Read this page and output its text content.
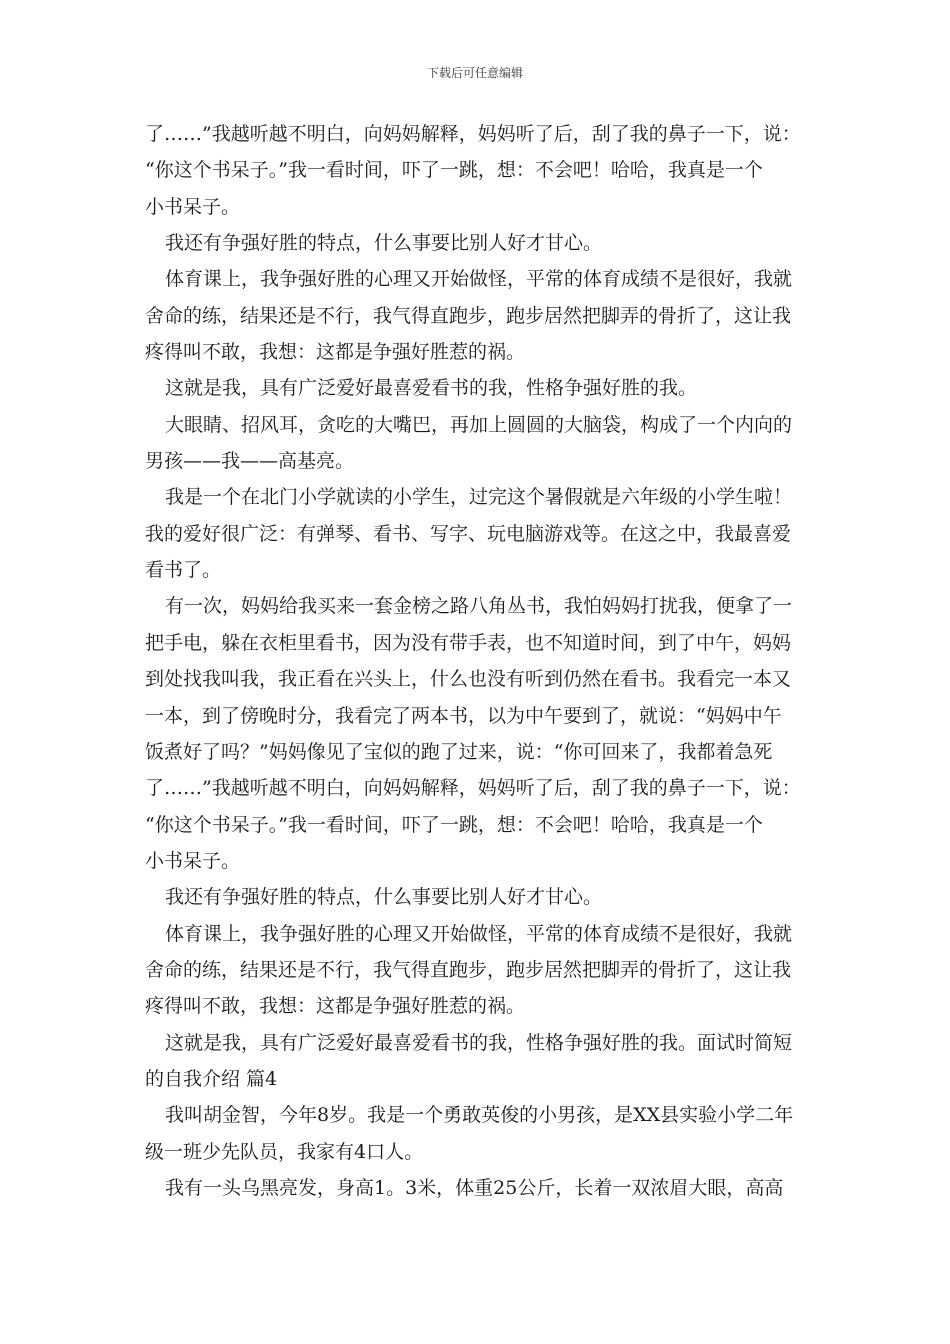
下载后可任意编辑
了……”我越听越不明白，向妈妈解释，妈妈听了后，刮了我的鼻子一下，说：
“你这个书呆子。”我一看时间，吓了一跳，想：不会吧！哈哈，我真是一个
小书呆子。
我还有争强好胜的特点，什么事要比别人好才甘心。
体育课上，我争强好胜的心理又开始做怪，平常的体育成绩不是很好，我就
舍命的练，结果还是不行，我气得直跑步，跑步居然把脚弄的骨折了，这让我
疼得叫不敢，我想：这都是争强好胜惹的祸。
这就是我，具有广泛爱好最喜爱看书的我，性格争强好胜的我。
大眼睛、招风耳，贪吃的大嘴巴，再加上圆圆的大脑袋，构成了一个内向的
男孩——我——高基亮。
我是一个在北门小学就读的小学生，过完这个暑假就是六年级的小学生啦！
我的爱好很广泛：有弹琴、看书、写字、玩电脑游戏等。在这之中，我最喜爱
看书了。
有一次，妈妈给我买来一套金榜之路八角丛书，我怕妈妈打扰我，便拿了一
把手电，躲在衣柜里看书，因为没有带手表，也不知道时间，到了中午，妈妈
到处找我叫我，我正看在兴头上，什么也没有听到仍然在看书。我看完一本又
一本，到了傍晚时分，我看完了两本书，以为中午要到了，就说：“妈妈中午
饭煮好了吗？”妈妈像见了宝似的跑了过来，说：“你可回来了，我都着急死
了……”我越听越不明白，向妈妈解释，妈妈听了后，刮了我的鼻子一下，说：
“你这个书呆子。”我一看时间，吓了一跳，想：不会吧！哈哈，我真是一个
小书呆子。
我还有争强好胜的特点，什么事要比别人好才甘心。
体育课上，我争强好胜的心理又开始做怪，平常的体育成绩不是很好，我就
舍命的练，结果还是不行，我气得直跑步，跑步居然把脚弄的骨折了，这让我
疼得叫不敢，我想：这都是争强好胜惹的祸。
这就是我，具有广泛爱好最喜爱看书的我，性格争强好胜的我。面试时简短
的自我介绍 篇4
我叫胡金智，今年8岁。我是一个勇敢英俊的小男孩，是XX县实验小学二年
级一班少先队员，我家有4口人。
我有一头乌黑亮发，身高1。3米，体重25公斤，长着一双浓眉大眼，高高
